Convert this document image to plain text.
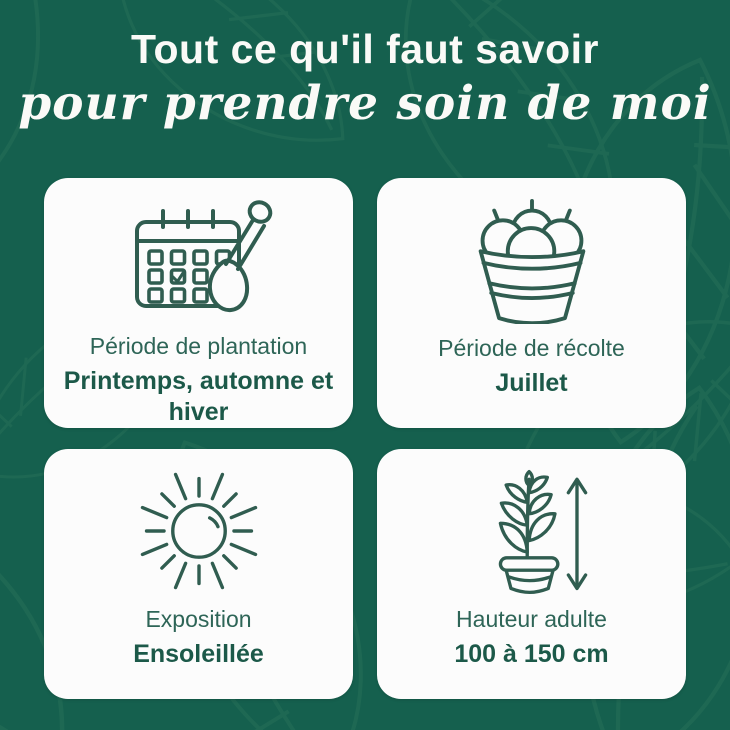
Tout ce qu'il faut savoir
pour prendre soin de moi
Période de plantation
Printemps, automne et hiver
Période de récolte
Juillet
Exposition
Ensoleillée
Hauteur adulte
100 à 150 cm
